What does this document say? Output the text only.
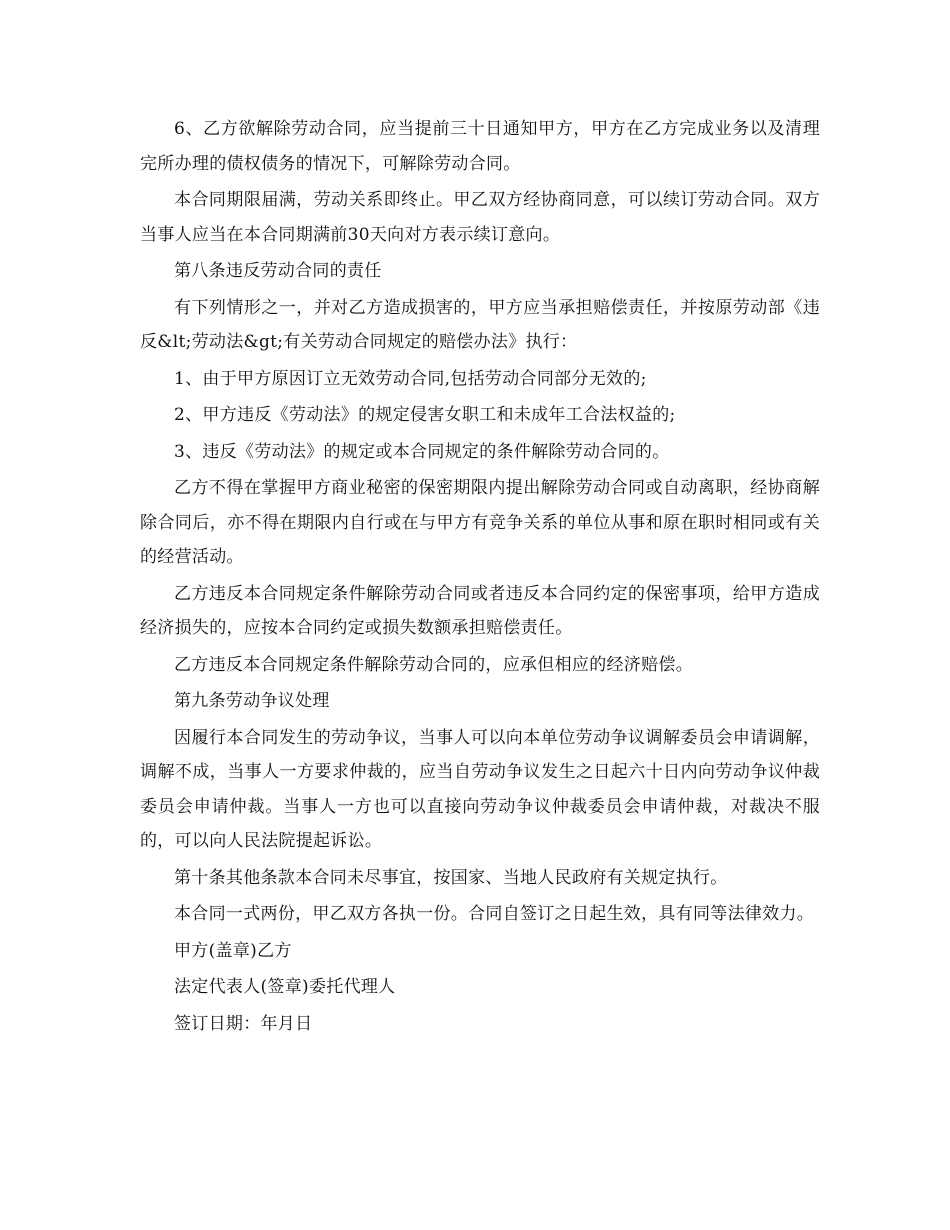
6、乙方欲解除劳动合同，应当提前三十日通知甲方，甲方在乙方完成业务以及清理完所办理的债权债务的情况下，可解除劳动合同。

本合同期限届满，劳动关系即终止。甲乙双方经协商同意，可以续订劳动合同。双方当事人应当在本合同期满前30天向对方表示续订意向。

第八条违反劳动合同的责任

有下列情形之一，并对乙方造成损害的，甲方应当承担赔偿责任，并按原劳动部《违反&lt;劳动法&gt;有关劳动合同规定的赔偿办法》执行：

1、由于甲方原因订立无效劳动合同,包括劳动合同部分无效的;

2、甲方违反《劳动法》的规定侵害女职工和未成年工合法权益的;

3、违反《劳动法》的规定或本合同规定的条件解除劳动合同的。

乙方不得在掌握甲方商业秘密的保密期限内提出解除劳动合同或自动离职，经协商解除合同后，亦不得在期限内自行或在与甲方有竞争关系的单位从事和原在职时相同或有关的经营活动。

乙方违反本合同规定条件解除劳动合同或者违反本合同约定的保密事项，给甲方造成经济损失的，应按本合同约定或损失数额承担赔偿责任。

乙方违反本合同规定条件解除劳动合同的，应承但相应的经济赔偿。

第九条劳动争议处理

因履行本合同发生的劳动争议，当事人可以向本单位劳动争议调解委员会申请调解，调解不成，当事人一方要求仲裁的，应当自劳动争议发生之日起六十日内向劳动争议仲裁委员会申请仲裁。当事人一方也可以直接向劳动争议仲裁委员会申请仲裁，对裁决不服的，可以向人民法院提起诉讼。

第十条其他条款本合同未尽事宜，按国家、当地人民政府有关规定执行。

本合同一式两份，甲乙双方各执一份。合同自签订之日起生效，具有同等法律效力。

甲方(盖章)乙方

法定代表人(签章)委托代理人

签订日期：年月日
